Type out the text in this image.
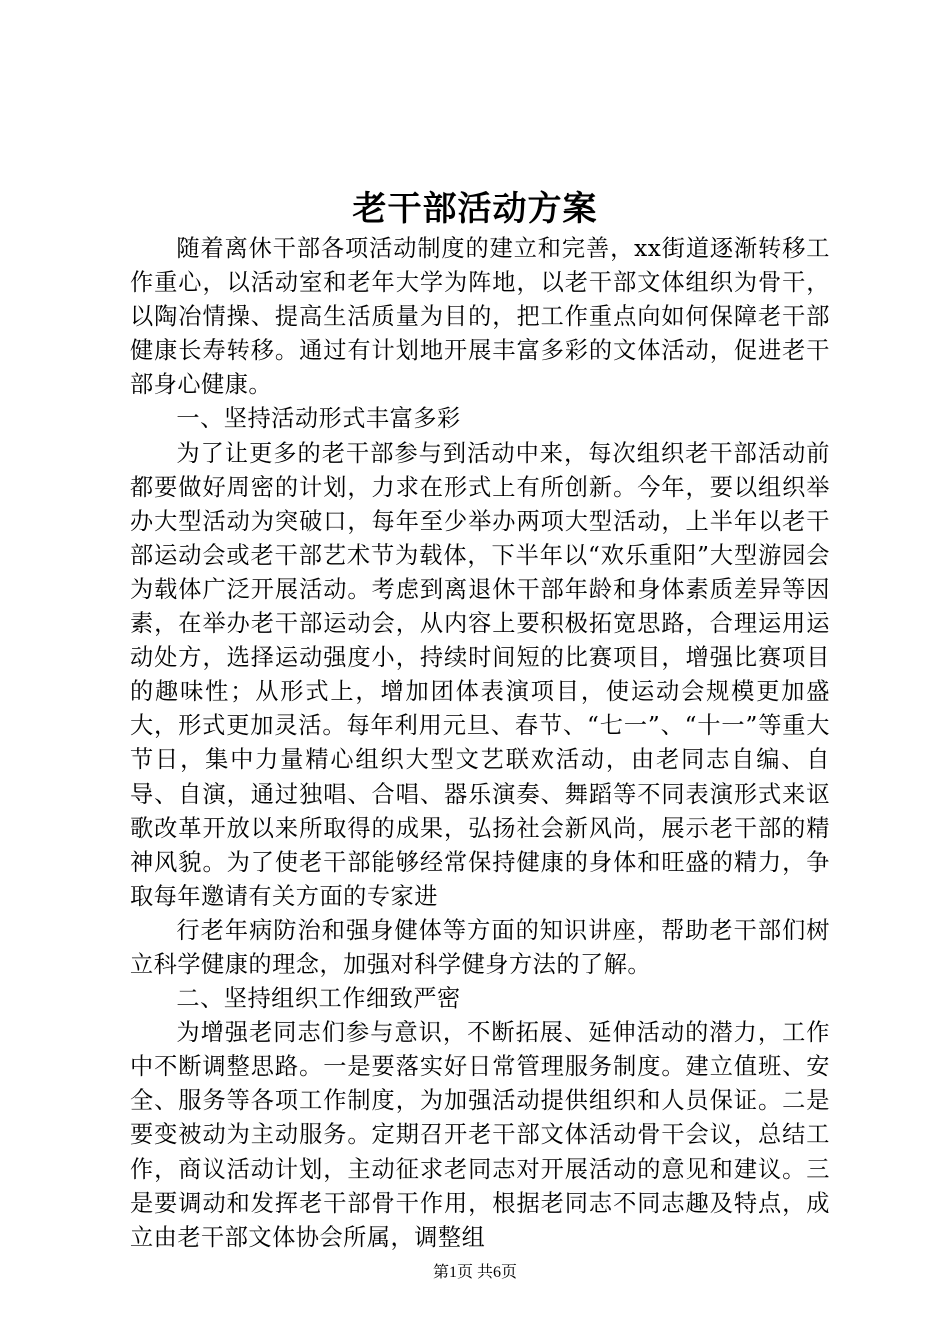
老干部活动方案

随着离休干部各项活动制度的建立和完善，xx街道逐渐转移工作重心，以活动室和老年大学为阵地，以老干部文体组织为骨干，以陶冶情操、提高生活质量为目的，把工作重点向如何保障老干部健康长寿转移。通过有计划地开展丰富多彩的文体活动，促进老干部身心健康。

一、坚持活动形式丰富多彩

为了让更多的老干部参与到活动中来，每次组织老干部活动前都要做好周密的计划，力求在形式上有所创新。今年，要以组织举办大型活动为突破口，每年至少举办两项大型活动，上半年以老干部运动会或老干部艺术节为载体，下半年以“欢乐重阳”大型游园会为载体广泛开展活动。考虑到离退休干部年龄和身体素质差异等因素，在举办老干部运动会，从内容上要积极拓宽思路，合理运用运动处方，选择运动强度小，持续时间短的比赛项目，增强比赛项目的趣味性；从形式上，增加团体表演项目，使运动会规模更加盛大，形式更加灵活。每年利用元旦、春节、“七一”、“十一”等重大节日，集中力量精心组织大型文艺联欢活动，由老同志自编、自导、自演，通过独唱、合唱、器乐演奏、舞蹈等不同表演形式来讴歌改革开放以来所取得的成果，弘扬社会新风尚，展示老干部的精神风貌。为了使老干部能够经常保持健康的身体和旺盛的精力，争取每年邀请有关方面的专家进

行老年病防治和强身健体等方面的知识讲座，帮助老干部们树立科学健康的理念，加强对科学健身方法的了解。

二、坚持组织工作细致严密

为增强老同志们参与意识，不断拓展、延伸活动的潜力，工作中不断调整思路。一是要落实好日常管理服务制度。建立值班、安全、服务等各项工作制度，为加强活动提供组织和人员保证。二是要变被动为主动服务。定期召开老干部文体活动骨干会议，总结工作，商议活动计划，主动征求老同志对开展活动的意见和建议。三是要调动和发挥老干部骨干作用，根据老同志不同志趣及特点，成立由老干部文体协会所属，调整组

第1页 共6页
